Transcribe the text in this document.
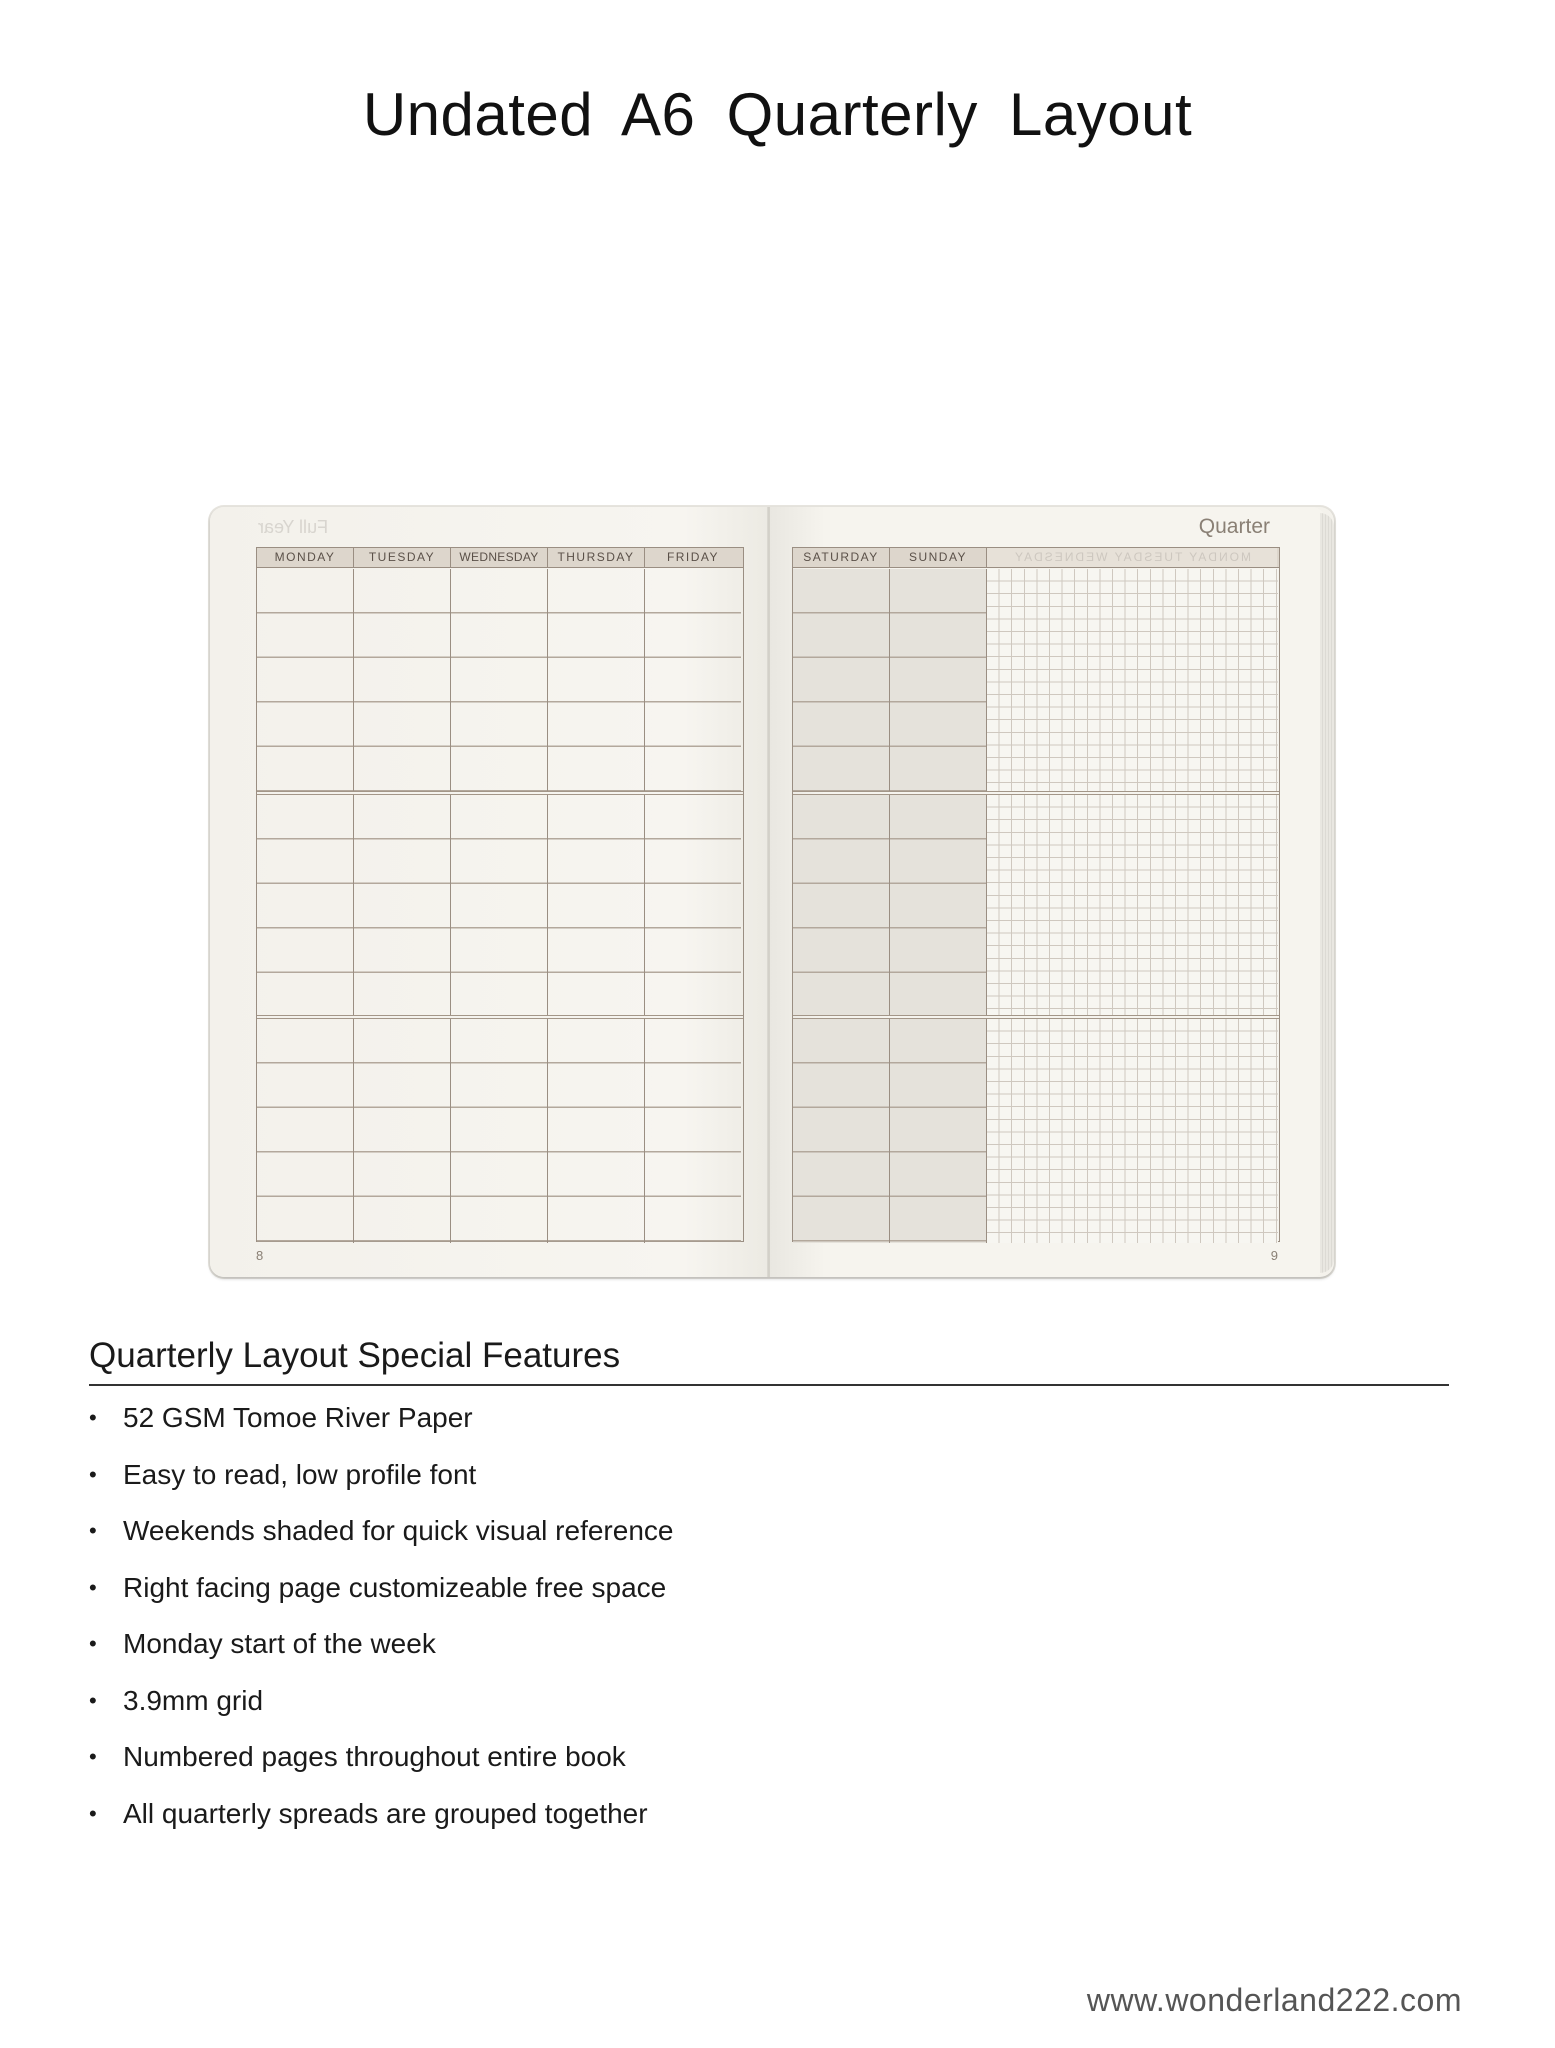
Undated A6 Quarterly Layout
Full Year
MONDAY	TUESDAY	WEDNESDAY	THURSDAY	FRIDAY
8
Quarter
SATURDAY	SUNDAY	MONDAY TUESDAY WEDNESDAY
9
Quarterly Layout Special Features
• 52 GSM Tomoe River Paper
• Easy to read, low profile font
• Weekends shaded for quick visual reference
• Right facing page customizeable free space
• Monday start of the week
• 3.9mm grid
• Numbered pages throughout entire book
• All quarterly spreads are grouped together
www.wonderland222.com
